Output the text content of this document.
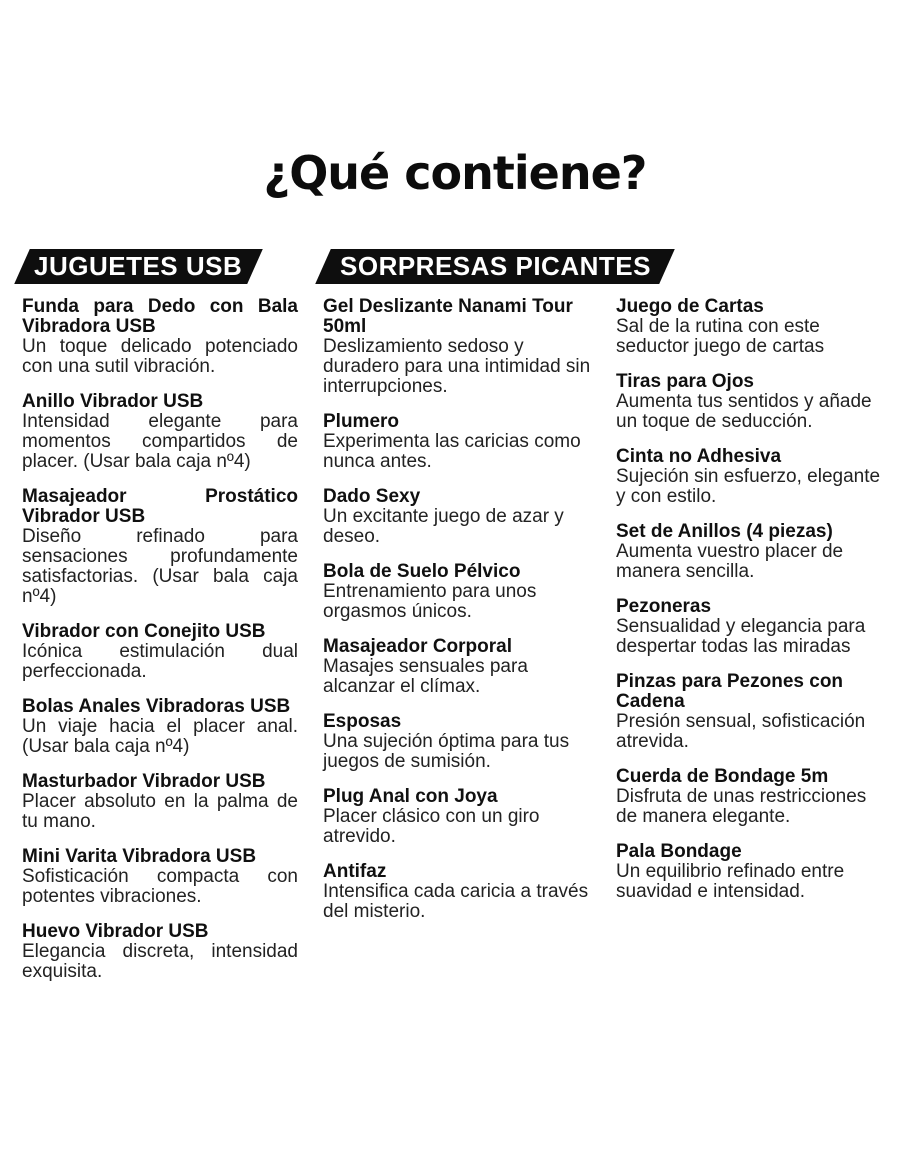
¿Qué contiene?
JUGUETES USB
Funda para Dedo con Bala Vibradora USB
Un toque delicado potenciado con una sutil vibración.
Anillo Vibrador USB
Intensidad elegante para momentos compartidos de placer. (Usar bala caja nº4)
Masajeador Prostático Vibrador USB
Diseño refinado para sensaciones profundamente satisfactorias. (Usar bala caja nº4)
Vibrador con Conejito USB
Icónica estimulación dual perfeccionada.
Bolas Anales Vibradoras USB
Un viaje hacia el placer anal. (Usar bala caja nº4)
Masturbador Vibrador USB
Placer absoluto en la palma de tu mano.
Mini Varita Vibradora USB
Sofisticación compacta con potentes vibraciones.
Huevo Vibrador USB
Elegancia discreta, intensidad exquisita.
SORPRESAS PICANTES
Gel Deslizante Nanami Tour 50ml
Deslizamiento sedoso y duradero para una intimidad sin interrupciones.
Plumero
Experimenta las caricias como nunca antes.
Dado Sexy
Un excitante juego de azar y deseo.
Bola de Suelo Pélvico
Entrenamiento para unos orgasmos únicos.
Masajeador Corporal
Masajes sensuales para alcanzar el clímax.
Esposas
Una sujeción óptima para tus juegos de sumisión.
Plug Anal con Joya
Placer clásico con un giro atrevido.
Antifaz
Intensifica cada caricia a través del misterio.
Juego de Cartas
Sal de la rutina con este seductor juego de cartas
Tiras para Ojos
Aumenta tus sentidos y añade un toque de seducción.
Cinta no Adhesiva
Sujeción sin esfuerzo, elegante y con estilo.
Set de Anillos (4 piezas)
Aumenta vuestro placer de manera sencilla.
Pezoneras
Sensualidad y elegancia para despertar todas las miradas
Pinzas para Pezones con Cadena
Presión sensual, sofisticación atrevida.
Cuerda de Bondage 5m
Disfruta de unas restricciones de manera elegante.
Pala Bondage
Un equilibrio refinado entre suavidad e intensidad.
